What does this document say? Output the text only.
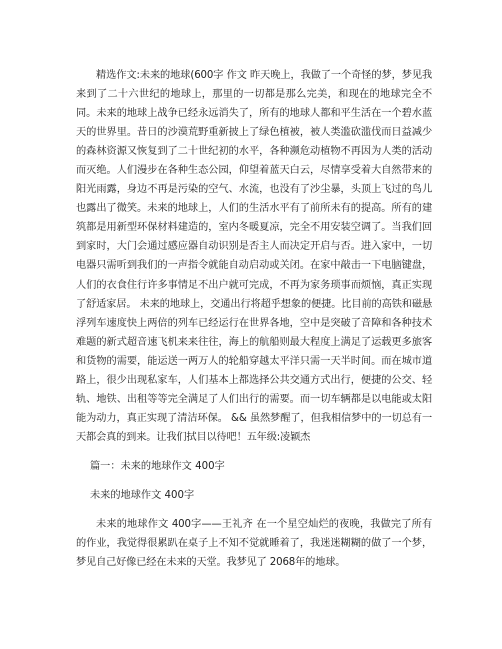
精选作文:未来的地球(600字 作文 昨天晚上，我做了一个奇怪的梦，梦见我来到了二十六世纪的地球上，那里的一切都是那么完美，和现在的地球完全不同。未来的地球上战争已经永远消失了，所有的地球人都和平生活在一个碧水蓝天的世界里。昔日的沙漠荒野重新披上了绿色植被，被人类滥砍滥伐而日益减少的森林资源又恢复到了二十世纪初的水平，各种濒危动植物不再因为人类的活动而灭绝。人们漫步在各种生态公园，仰望着蓝天白云，尽情享受着大自然带来的阳光雨露，身边不再是污染的空气、水流，也没有了沙尘暴，头顶上飞过的鸟儿也露出了微笑。未来的地球上，人们的生活水平有了前所未有的提高。所有的建筑都是用新型环保材料建造的，室内冬暖夏凉，完全不用安装空调了。当我们回到家时，大门会通过感应器自动识别是否主人而决定开启与否。进入家中，一切电器只需听到我们的一声指令就能自动启动或关闭。在家中敲击一下电脑键盘，人们的衣食住行许多事情足不出户就可完成，不再为家务琐事而烦恼，真正实现了舒适家居。 未来的地球上，交通出行将超乎想象的便捷。比目前的高铁和磁悬浮列车速度快上两倍的列车已经运行在世界各地，空中是突破了音障和各种技术难题的新式超音速飞机来来往往，海上的航船则最大程度上满足了运载更多旅客和货物的需要，能运送一两万人的轮船穿越太平洋只需一天半时间。而在城市道路上，很少出现私家车，人们基本上都选择公共交通方式出行，便捷的公交、轻轨、地铁、出租等等完全满足了人们出行的需要。而一切车辆都是以电能或太阳能为动力，真正实现了清洁环保。 && 虽然梦醒了，但我相信梦中的一切总有一天都会真的到来。让我们拭目以待吧！五年级:凌颖杰

篇一：未来的地球作文 400字

未来的地球作文 400字

未来的地球作文 400字——王礼齐 在一个星空灿烂的夜晚，我做完了所有的作业，我觉得很累趴在桌子上不知不觉就睡着了，我迷迷糊糊的做了一个梦，梦见自己好像已经在未来的天堂。我梦见了 2068年的地球。
